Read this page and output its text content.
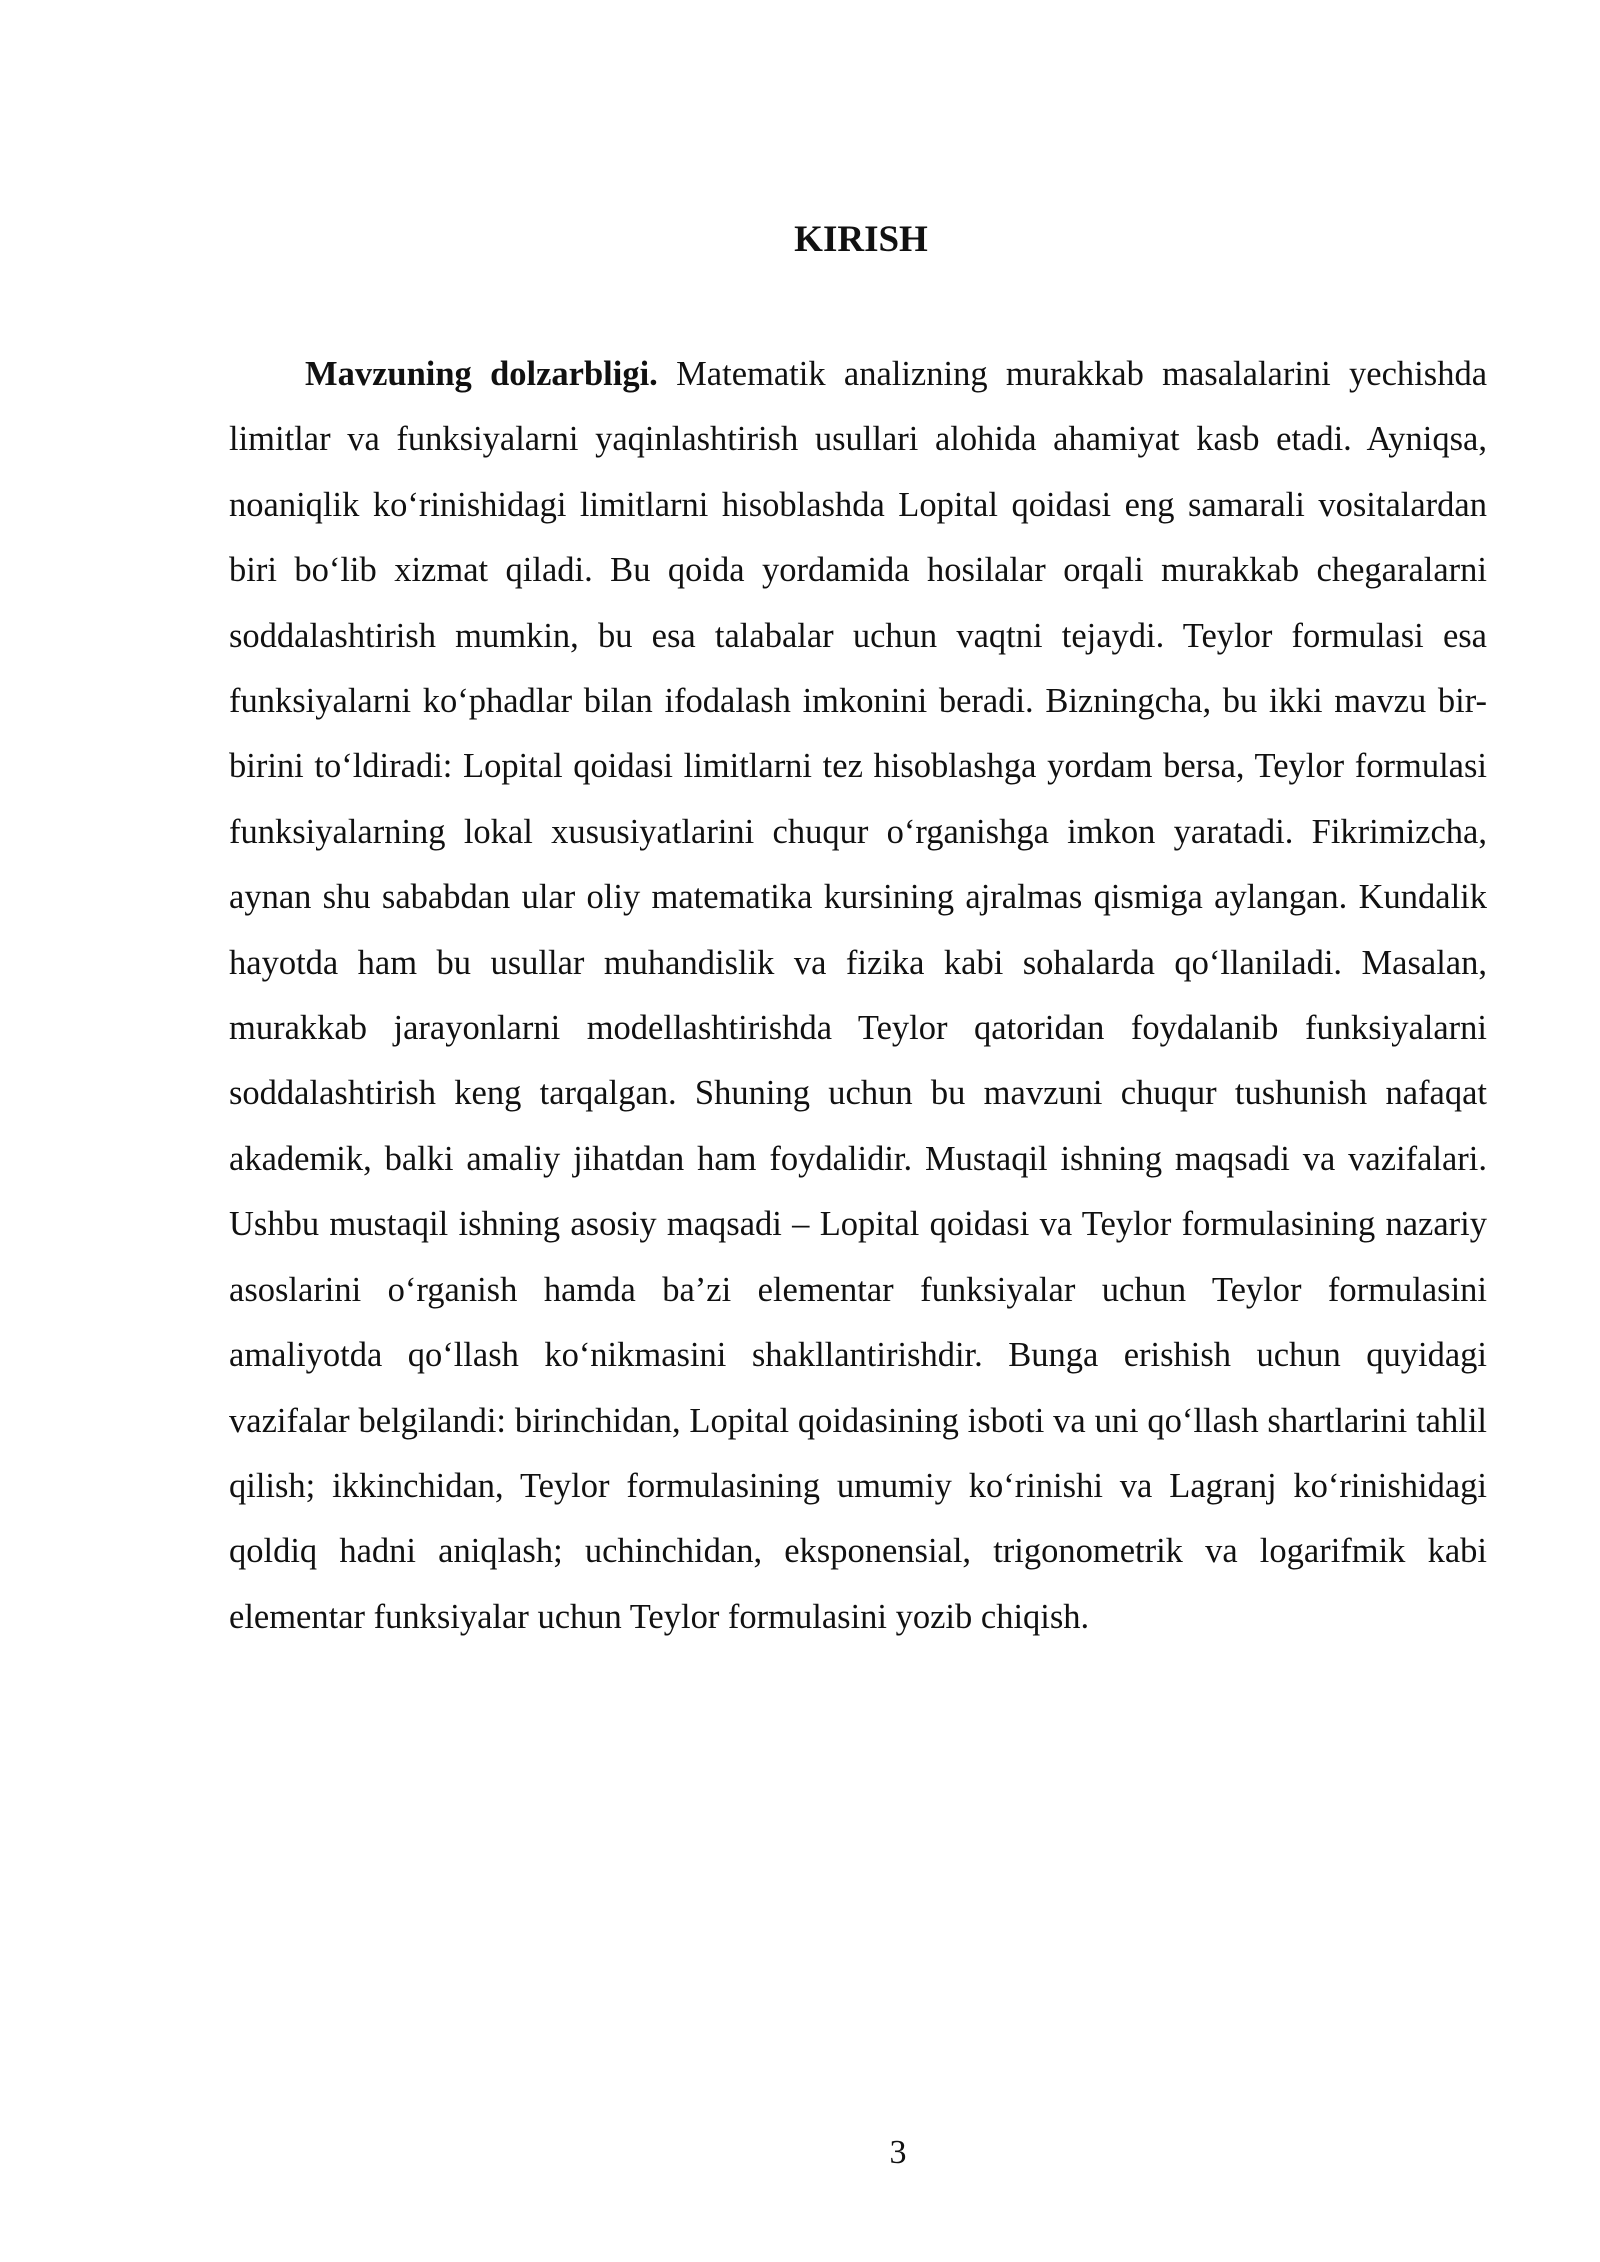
KIRISH

Mavzuning dolzarbligi. Matematik analizning murakkab masalalarini yechishda limitlar va funksiyalarni yaqinlashtirish usullari alohida ahamiyat kasb etadi. Ayniqsa, noaniqlik ko‘rinishidagi limitlarni hisoblashda Lopital qoidasi eng samarali vositalardan biri bo‘lib xizmat qiladi. Bu qoida yordamida hosilalar orqali murakkab chegaralarni soddalashtirish mumkin, bu esa talabalar uchun vaqtni tejaydi. Teylor formulasi esa funksiyalarni ko‘phadlar bilan ifodalash imkonini beradi. Bizningcha, bu ikki mavzu bir-birini to‘ldiradi: Lopital qoidasi limitlarni tez hisoblashga yordam bersa, Teylor formulasi funksiyalarning lokal xususiyatlarini chuqur o‘rganishga imkon yaratadi. Fikrimizcha, aynan shu sababdan ular oliy matematika kursining ajralmas qismiga aylangan. Kundalik hayotda ham bu usullar muhandislik va fizika kabi sohalarda qo‘llaniladi. Masalan, murakkab jarayonlarni modellashtirishda Teylor qatoridan foydalanib funksiyalarni soddalashtirish keng tarqalgan. Shuning uchun bu mavzuni chuqur tushunish nafaqat akademik, balki amaliy jihatdan ham foydalidir. Mustaqil ishning maqsadi va vazifalari. Ushbu mustaqil ishning asosiy maqsadi – Lopital qoidasi va Teylor formulasining nazariy asoslarini o‘rganish hamda ba’zi elementar funksiyalar uchun Teylor formulasini amaliyotda qo‘llash ko‘nikmasini shakllantirishdir. Bunga erishish uchun quyidagi vazifalar belgilandi: birinchidan, Lopital qoidasining isboti va uni qo‘llash shartlarini tahlil qilish; ikkinchidan, Teylor formulasining umumiy ko‘rinishi va Lagranj ko‘rinishidagi qoldiq hadni aniqlash; uchinchidan, eksponensial, trigonometrik va logarifmik kabi elementar funksiyalar uchun Teylor formulasini yozib chiqish.

3
